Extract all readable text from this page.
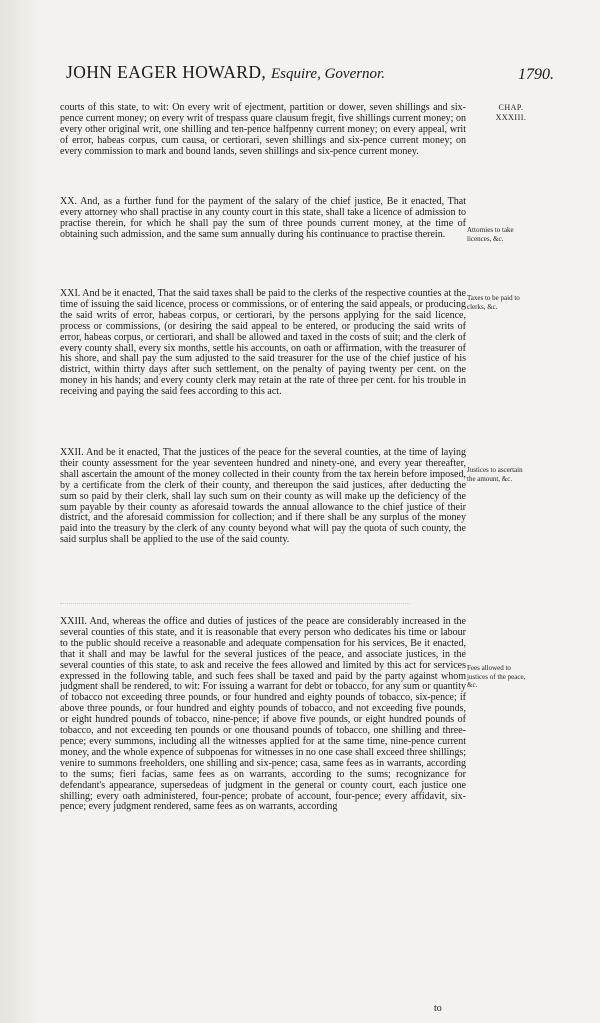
JOHN EAGER HOWARD, Esquire, Governor.	1790.
CHAP.
XXXIII.

courts of this state, to wit: On every writ of ejectment, partition or dower, seven shillings and six-pence current money; on every writ of trespass quare clausum fregit, five shillings current money; on every other original writ, one shilling and ten-pence halfpenny current money; on every appeal, writ of error, habeas corpus, cum causa, or certiorari, seven shillings and six-pence current money; on every commission to mark and bound lands, seven shillings and six-pence current money.

XX. And, as a further fund for the payment of the salary of the chief justice, Be it enacted, That every attorney who shall practise in any county court in this state, shall take a licence of admission to practise therein, for which he shall pay the sum of three pounds current money, at the time of obtaining such admission, and the same sum annually during his continuance to practise therein.	Attornies to take licences, &c.

XXI. And be it enacted, That the said taxes shall be paid to the clerks of the respective counties at the time of issuing the said licence, process or commissions, or of entering the said appeals, or producing the said writs of error, habeas corpus, or certiorari, by the persons applying for the said licence, process or commissions, (or desiring the said appeal to be entered, or producing the said writs of error, habeas corpus, or certiorari, and shall be allowed and taxed in the costs of suit; and the clerk of every county shall, every six months, settle his accounts, on oath or affirmation, with the treasurer of his shore, and shall pay the sum adjusted to the said treasurer for the use of the chief justice of his district, within thirty days after such settlement, on the penalty of paying twenty per cent. on the money in his hands; and every county clerk may retain at the rate of three per cent. for his trouble in receiving and paying the said fees according to this act.

Taxes to be paid to clerks, &c.

XXII. And be it enacted, That the justices of the peace for the several counties, at the time of laying their county assessment for the year seventeen hundred and ninety-one, and every year thereafter, shall ascertain the amount of the money collected in their county from the tax herein before imposed, by a certificate from the clerk of their county, and thereupon the said justices, after deducting the sum so paid by their clerk, shall lay such sum on their county as will make up the deficiency of the sum payable by their county as aforesaid towards the annual allowance to the chief justice of their district, and the aforesaid commission for collection; and if there shall be any surplus of the money paid into the treasury by the clerk of any county beyond what will pay the quota of such county, the said surplus shall be applied to the use of the said county.

Justices to ascertain the amount, &c.

XXIII. And, whereas the office and duties of justices of the peace are considerably increased in the several counties of this state, and it is reasonable that every person who dedicates his time or labour to the public should receive a reasonable and adequate compensation for his services, Be it enacted, that it shall and may be lawful for the several justices of the peace, and associate justices, in the several counties of this state, to ask and receive the fees allowed and limited by this act for services expressed in the following table, and such fees shall be taxed and paid by the party against whom judgment shall be rendered, to wit: For issuing a warrant for debt or tobacco, for any sum or quantity of tobacco not exceeding three pounds, or four hundred and eighty pounds of tobacco, six-pence; if above three pounds, or four hundred and eighty pounds of tobacco, and not exceeding five pounds, or eight hundred pounds of tobacco, nine-pence; if above five pounds, or eight hundred pounds of tobacco, and not exceeding ten pounds or one thousand pounds of tobacco, one shilling and three-pence; every summons, including all the witnesses applied for at the same time, nine-pence current money, and the whole expence of subpoenas for witnesses in no one case shall exceed three shillings; venire to summons freeholders, one shilling and six-pence; casa, same fees as in warrants, according to the sums; fieri facias, same fees as on warrants, according to the sums; recognizance for defendant's appearance, supersedeas of judgment in the general or county court, each justice one shilling; every oath administered, four-pence; probate of account, four-pence; every affidavit, six-pence; every judgment rendered, same fees as on warrants, according

Fees allowed to justices of the peace, &c.
to
